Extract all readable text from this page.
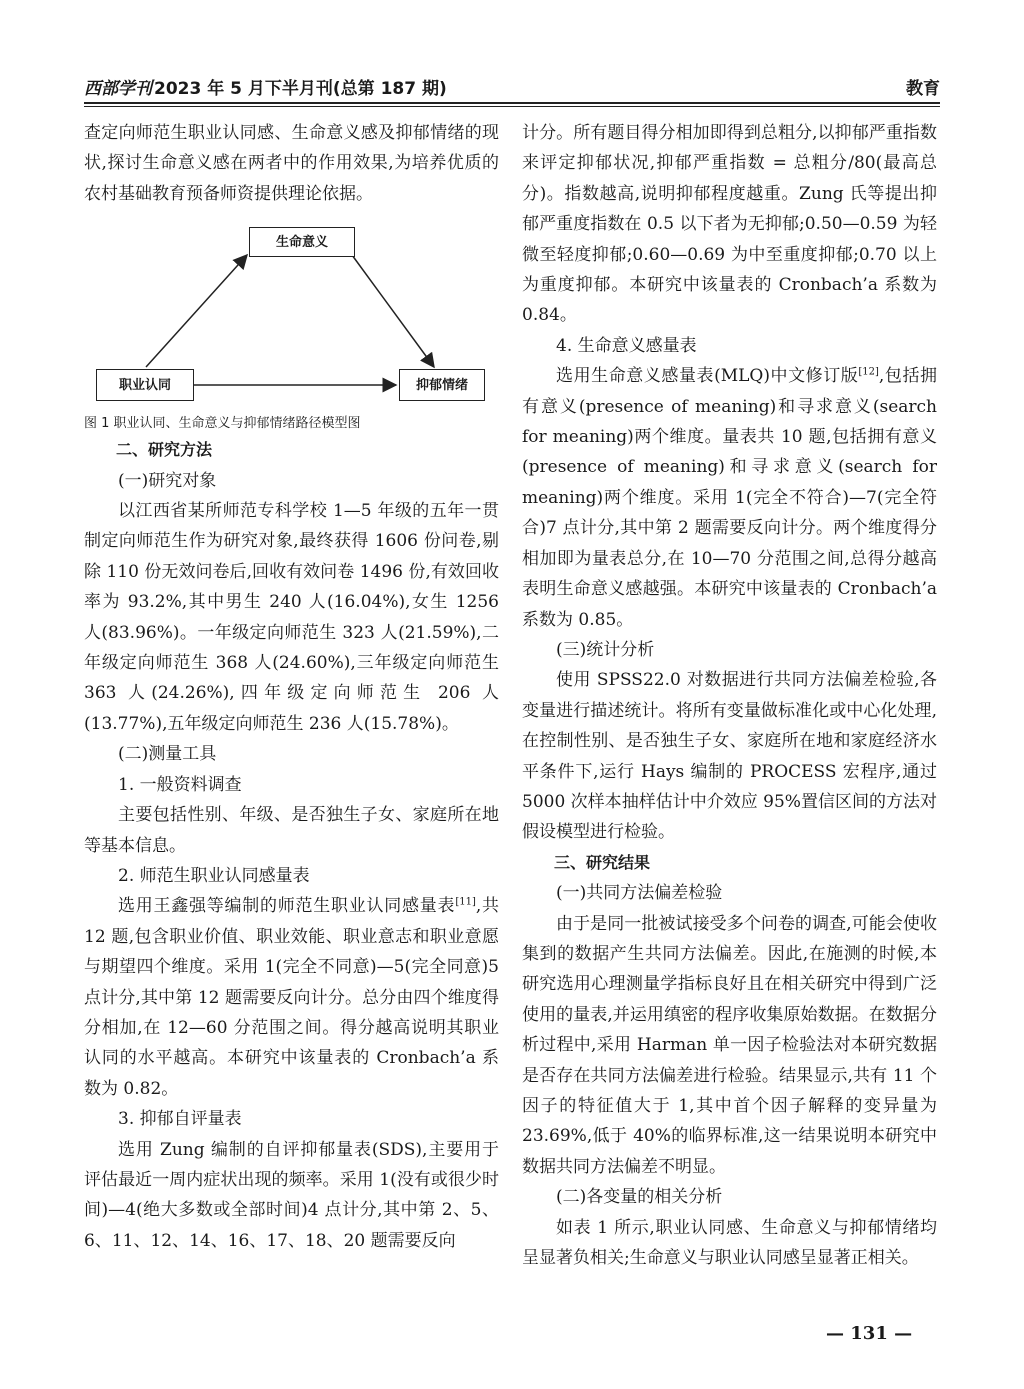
西部学刊 2023 年 5 月下半月刊(总第 187 期)	教育

查定向师范生职业认同感、生命意义感及抑郁情绪的现状,探讨生命意义感在两者中的作用效果,为培养优质的农村基础教育预备师资提供理论依据。

生命意义
职业认同	抑郁情绪

图 1 职业认同、生命意义与抑郁情绪路径模型图

二、研究方法

(一)研究对象

以江西省某所师范专科学校 1—5 年级的五年一贯制定向师范生作为研究对象,最终获得 1606 份问卷,剔除 110 份无效问卷后,回收有效问卷 1496 份,有效回收率为 93.2%,其中男生 240 人(16.04%),女生 1256 人(83.96%)。一年级定向师范生 323 人(21.59%),二年级定向师范生 368 人(24.60%),三年级定向师范生 363 人(24.26%),四年级定向师范生 206 人(13.77%),五年级定向师范生 236 人(15.78%)。

(二)测量工具

1. 一般资料调查

主要包括性别、年级、是否独生子女、家庭所在地等基本信息。

2. 师范生职业认同感量表

选用王鑫强等编制的师范生职业认同感量表[11],共 12 题,包含职业价值、职业效能、职业意志和职业意愿与期望四个维度。采用 1(完全不同意)—5(完全同意)5 点计分,其中第 12 题需要反向计分。总分由四个维度得分相加,在 12—60 分范围之间。得分越高说明其职业认同的水平越高。本研究中该量表的 Cronbach’a 系数为 0.82。

3. 抑郁自评量表

选用 Zung 编制的自评抑郁量表(SDS),主要用于评估最近一周内症状出现的频率。采用 1(没有或很少时间)—4(绝大多数或全部时间)4 点计分,其中第 2、5、6、11、12、14、16、17、18、20 题需要反向

计分。所有题目得分相加即得到总粗分,以抑郁严重指数来评定抑郁状况,抑郁严重指数 = 总粗分/80(最高总分)。指数越高,说明抑郁程度越重。Zung 氏等提出抑郁严重度指数在 0.5 以下者为无抑郁;0.50—0.59 为轻微至轻度抑郁;0.60—0.69 为中至重度抑郁;0.70 以上为重度抑郁。本研究中该量表的 Cronbach’a 系数为 0.84。

4. 生命意义感量表

选用生命意义感量表(MLQ)中文修订版[12],包括拥有意义(presence of meaning)和寻求意义(search for meaning)两个维度。量表共 10 题,包括拥有意义(presence of meaning)和寻求意义(search for meaning)两个维度。采用 1(完全不符合)—7(完全符合)7 点计分,其中第 2 题需要反向计分。两个维度得分相加即为量表总分,在 10—70 分范围之间,总得分越高表明生命意义感越强。本研究中该量表的 Cronbach’a 系数为 0.85。

(三)统计分析

使用 SPSS22.0 对数据进行共同方法偏差检验,各变量进行描述统计。将所有变量做标准化或中心化处理,在控制性别、是否独生子女、家庭所在地和家庭经济水平条件下,运行 Hays 编制的 PROCESS 宏程序,通过 5000 次样本抽样估计中介效应 95%置信区间的方法对假设模型进行检验。

三、研究结果

(一)共同方法偏差检验

由于是同一批被试接受多个问卷的调查,可能会使收集到的数据产生共同方法偏差。因此,在施测的时候,本研究选用心理测量学指标良好且在相关研究中得到广泛使用的量表,并运用缜密的程序收集原始数据。在数据分析过程中,采用 Harman 单一因子检验法对本研究数据是否存在共同方法偏差进行检验。结果显示,共有 11 个因子的特征值大于 1,其中首个因子解释的变异量为 23.69%,低于 40%的临界标准,这一结果说明本研究中数据共同方法偏差不明显。

(二)各变量的相关分析

如表 1 所示,职业认同感、生命意义与抑郁情绪均呈显著负相关;生命意义与职业认同感呈显著正相关。

— 131 —
